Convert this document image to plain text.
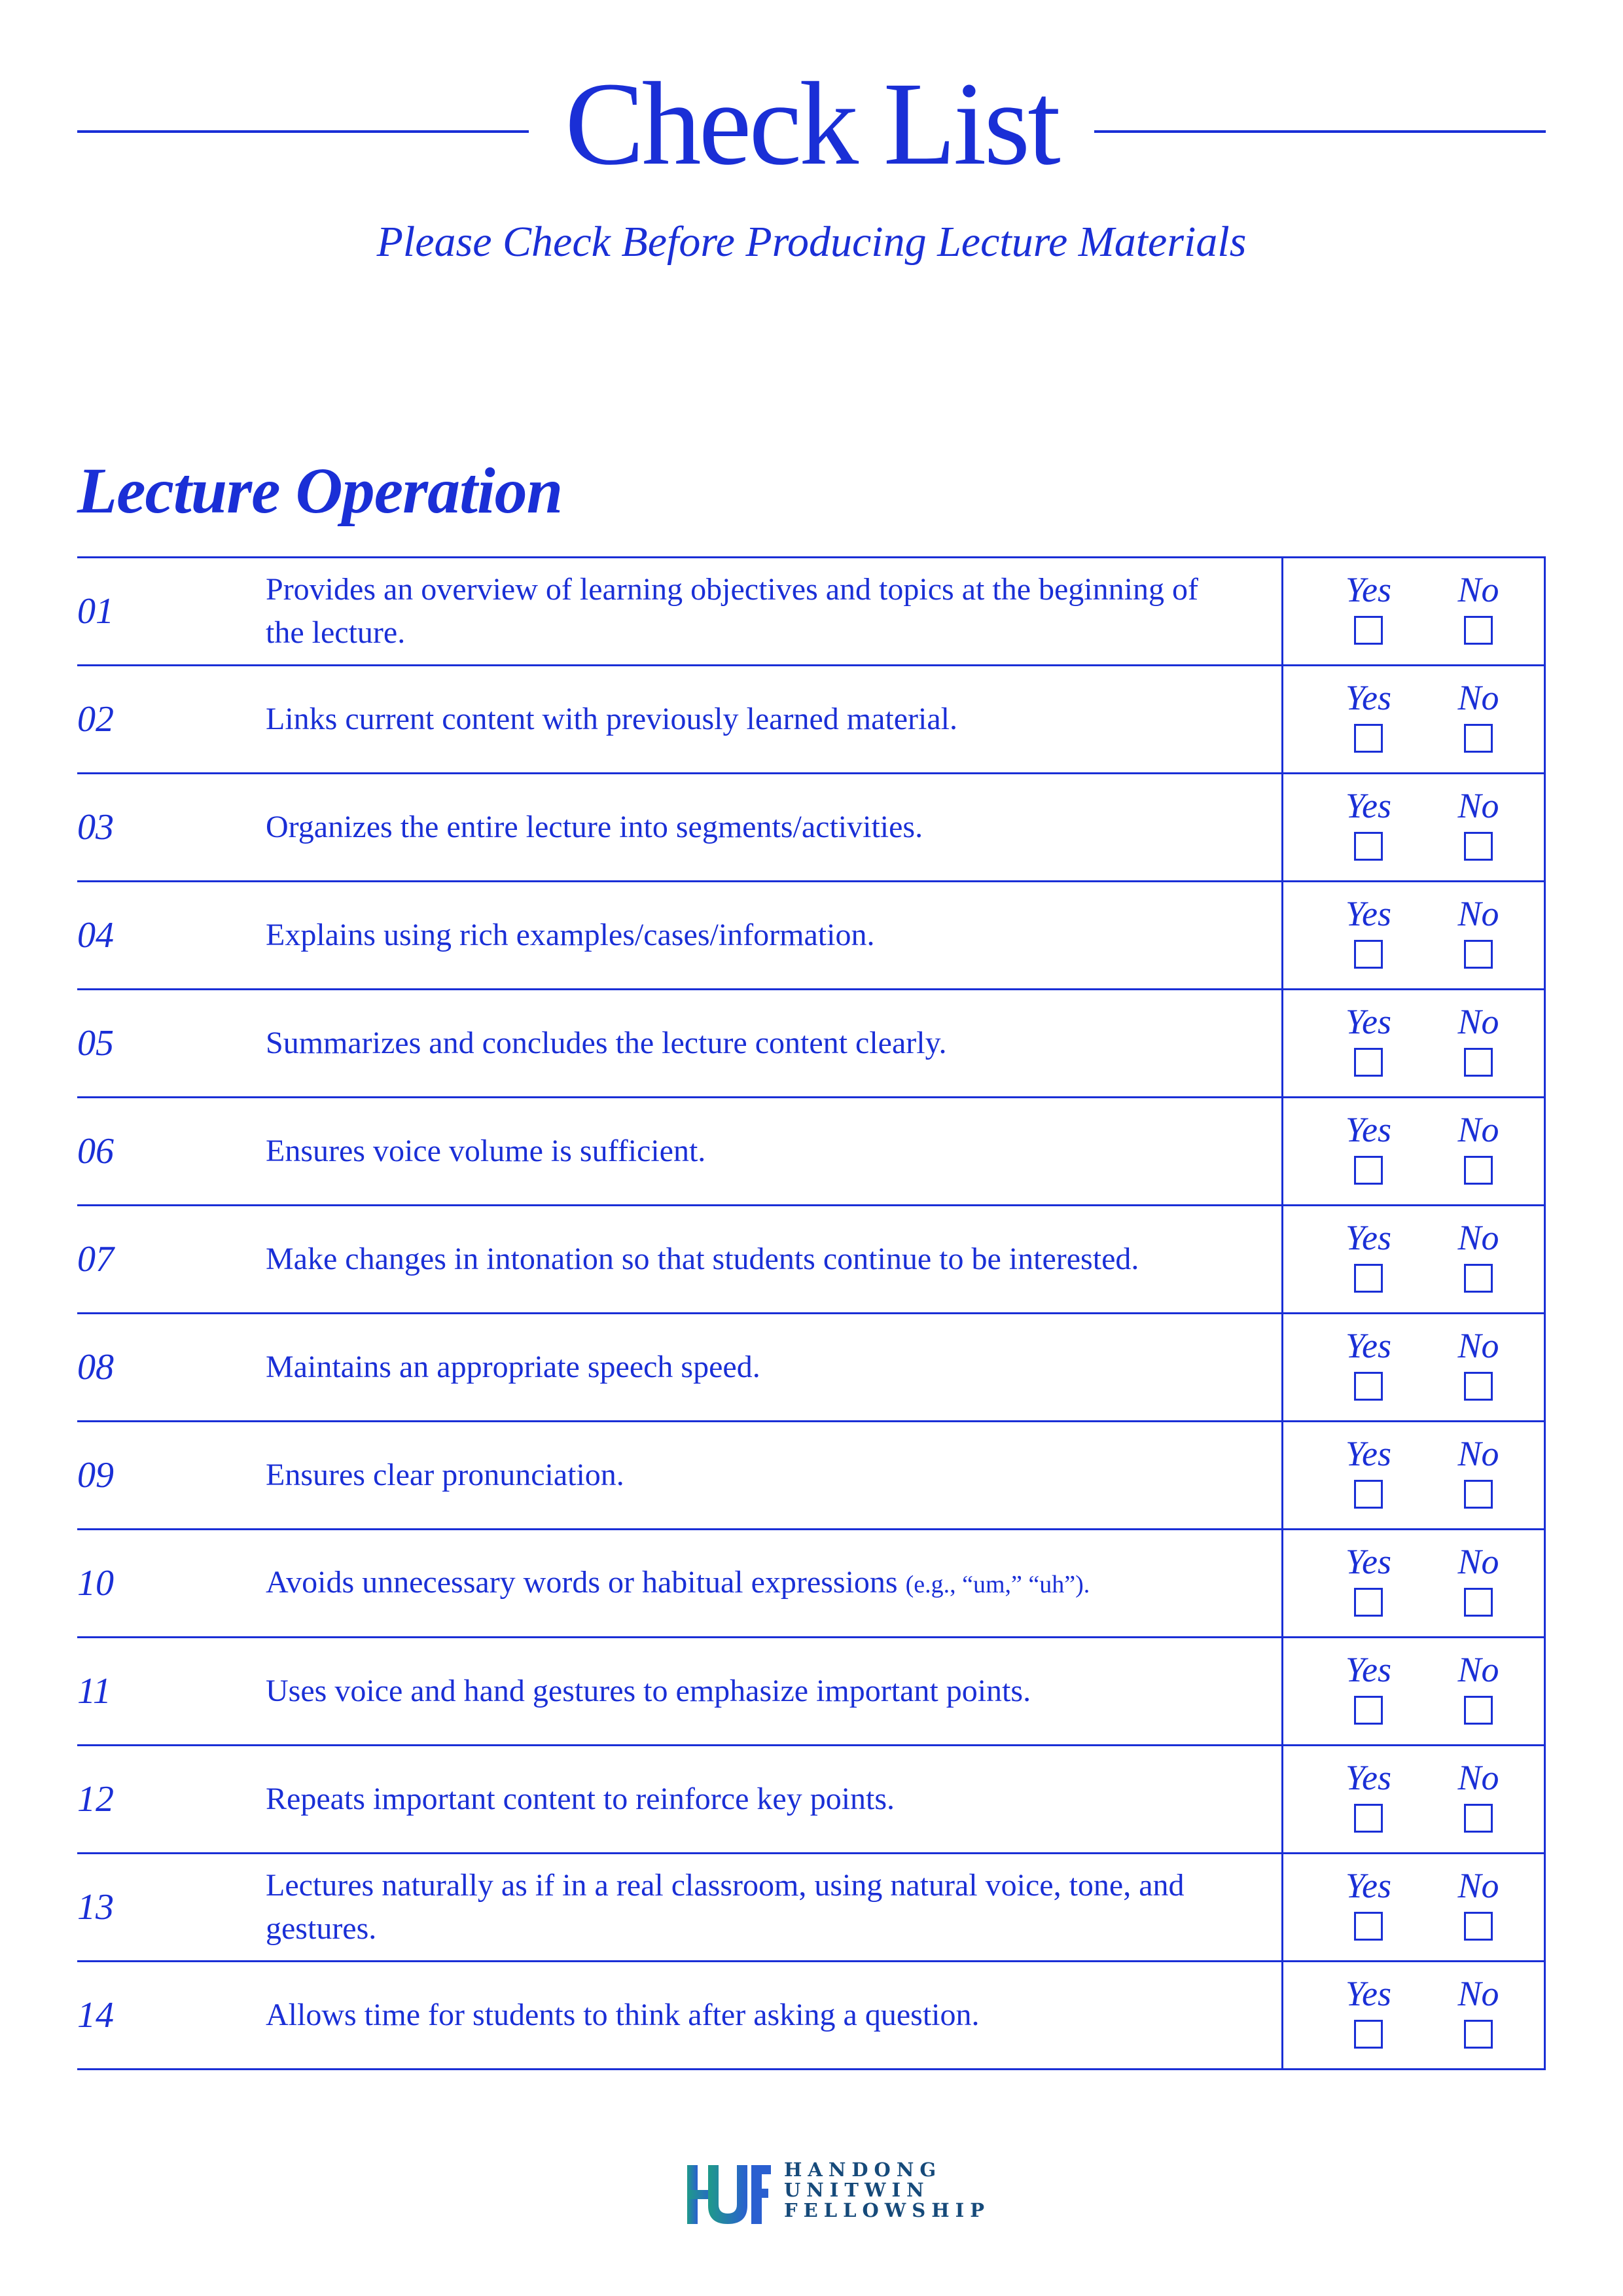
Check List
Please Check Before Producing Lecture Materials
Lecture Operation
01
Provides an overview of learning objectives and topics at the beginning of the lecture.
Yes	No
02	Links current content with previously learned material.
Yes	No
03	Organizes the entire lecture into segments/activities.
Yes	No
04	Explains using rich examples/cases/information.
Yes	No
05	Summarizes and concludes the lecture content clearly.
Yes	No
06	Ensures voice volume is sufficient.
Yes	No
07	Make changes in intonation so that students continue to be interested.
Yes	No
08	Maintains an appropriate speech speed.
Yes	No
09	Ensures clear pronunciation.
Yes	No
10	Avoids unnecessary words or habitual expressions (e.g., “um,” “uh”).
Yes	No
11	Uses voice and hand gestures to emphasize important points.
Yes	No
12	Repeats important content to reinforce key points.
Yes	No
13
Lectures naturally as if in a real classroom, using natural voice, tone, and gestures.
Yes	No
14	Allows time for students to think after asking a question.
Yes	No
HANDONG
UNITWIN
FELLOWSHIP
